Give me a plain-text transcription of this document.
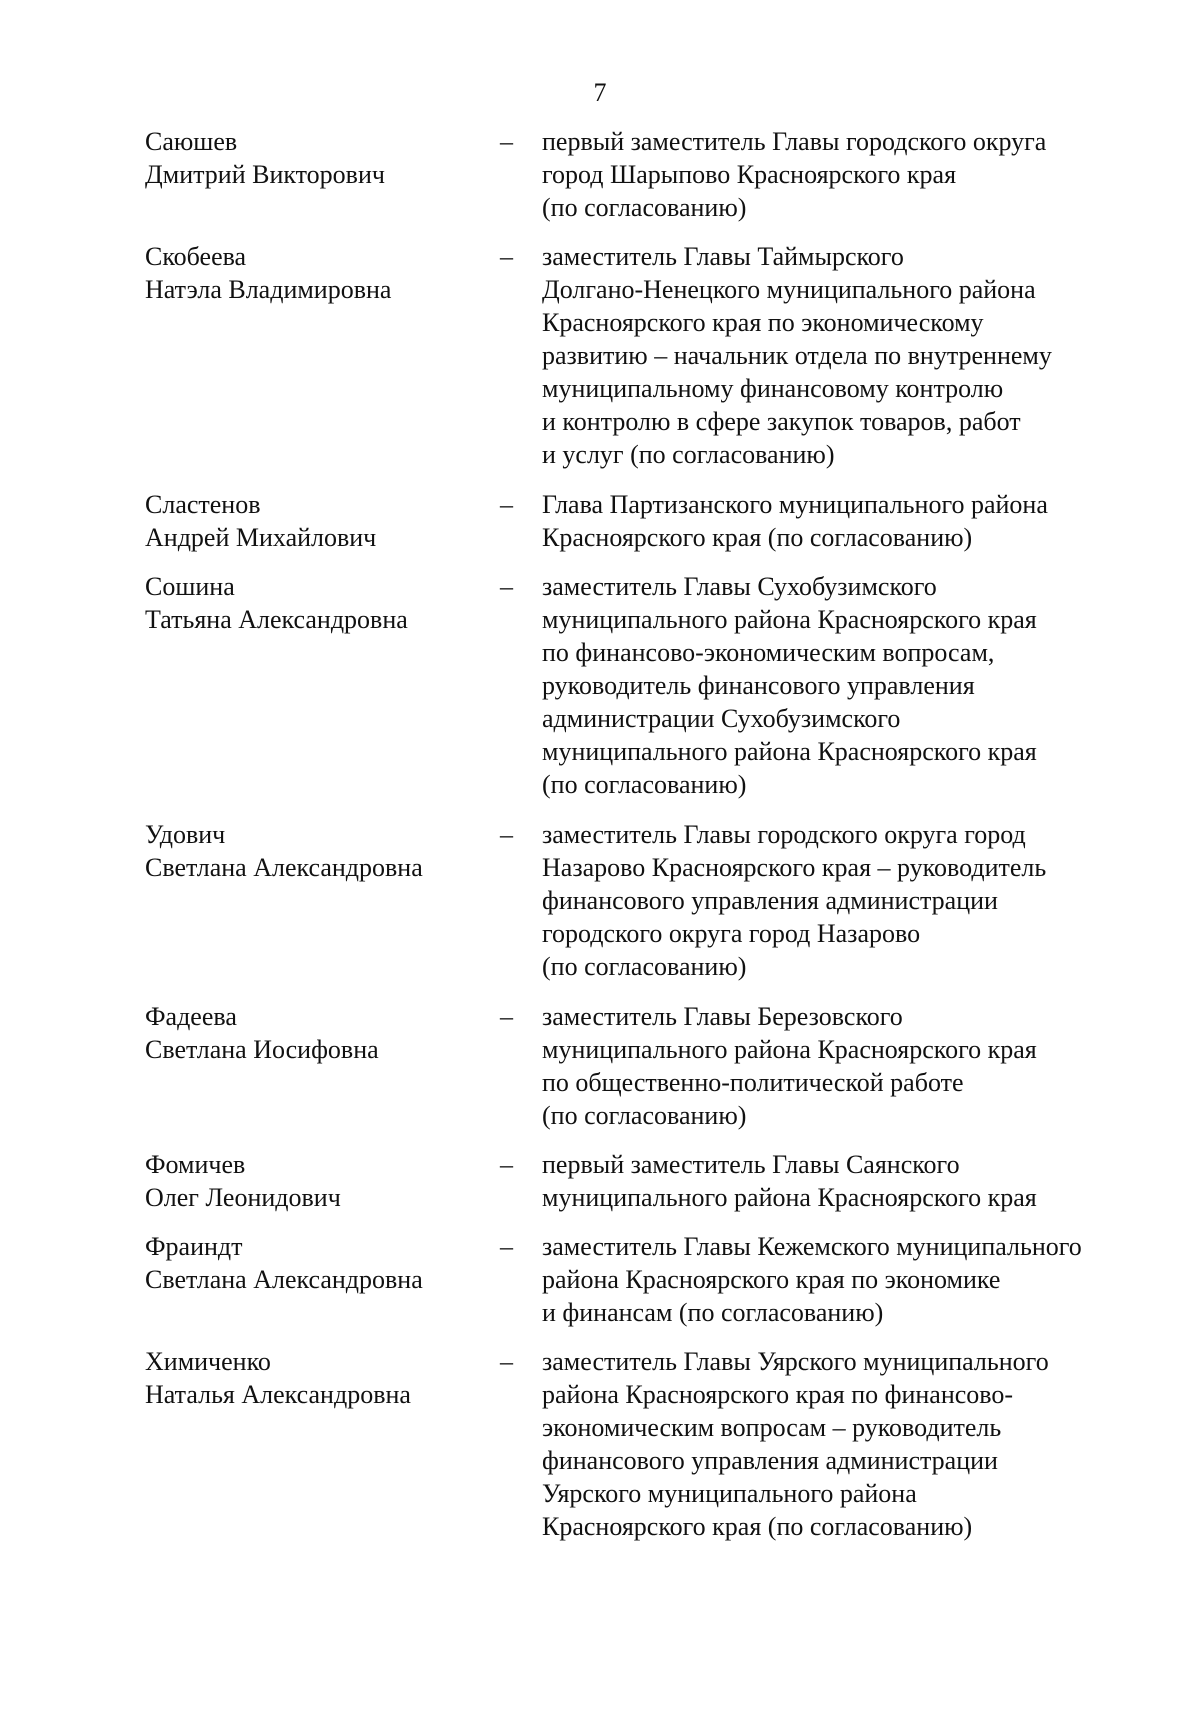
7
Саюшев
Дмитрий Викторович
– первый заместитель Главы городского округа
город Шарыпово Красноярского края
(по согласованию)
Скобеева
Натэла Владимировна
– заместитель Главы Таймырского
Долгано-Ненецкого муниципального района
Красноярского края по экономическому
развитию – начальник отдела по внутреннему
муниципальному финансовому контролю
и контролю в сфере закупок товаров, работ
и услуг (по согласованию)
Сластенов
Андрей Михайлович
– Глава Партизанского муниципального района
Красноярского края (по согласованию)
Сошина
Татьяна Александровна
– заместитель Главы Сухобузимского
муниципального района Красноярского края
по финансово-экономическим вопросам,
руководитель финансового управления
администрации Сухобузимского
муниципального района Красноярского края
(по согласованию)
Удович
Светлана Александровна
– заместитель Главы городского округа город
Назарово Красноярского края – руководитель
финансового управления администрации
городского округа город Назарово
(по согласованию)
Фадеева
Светлана Иосифовна
– заместитель Главы Березовского
муниципального района Красноярского края
по общественно-политической работе
(по согласованию)
Фомичев
Олег Леонидович
– первый заместитель Главы Саянского
муниципального района Красноярского края
Фраиндт
Светлана Александровна
– заместитель Главы Кежемского муниципального
района Красноярского края по экономике
и финансам (по согласованию)
Химиченко
Наталья Александровна
– заместитель Главы Уярского муниципального
района Красноярского края по финансово-
экономическим вопросам – руководитель
финансового управления администрации
Уярского муниципального района
Красноярского края (по согласованию)
